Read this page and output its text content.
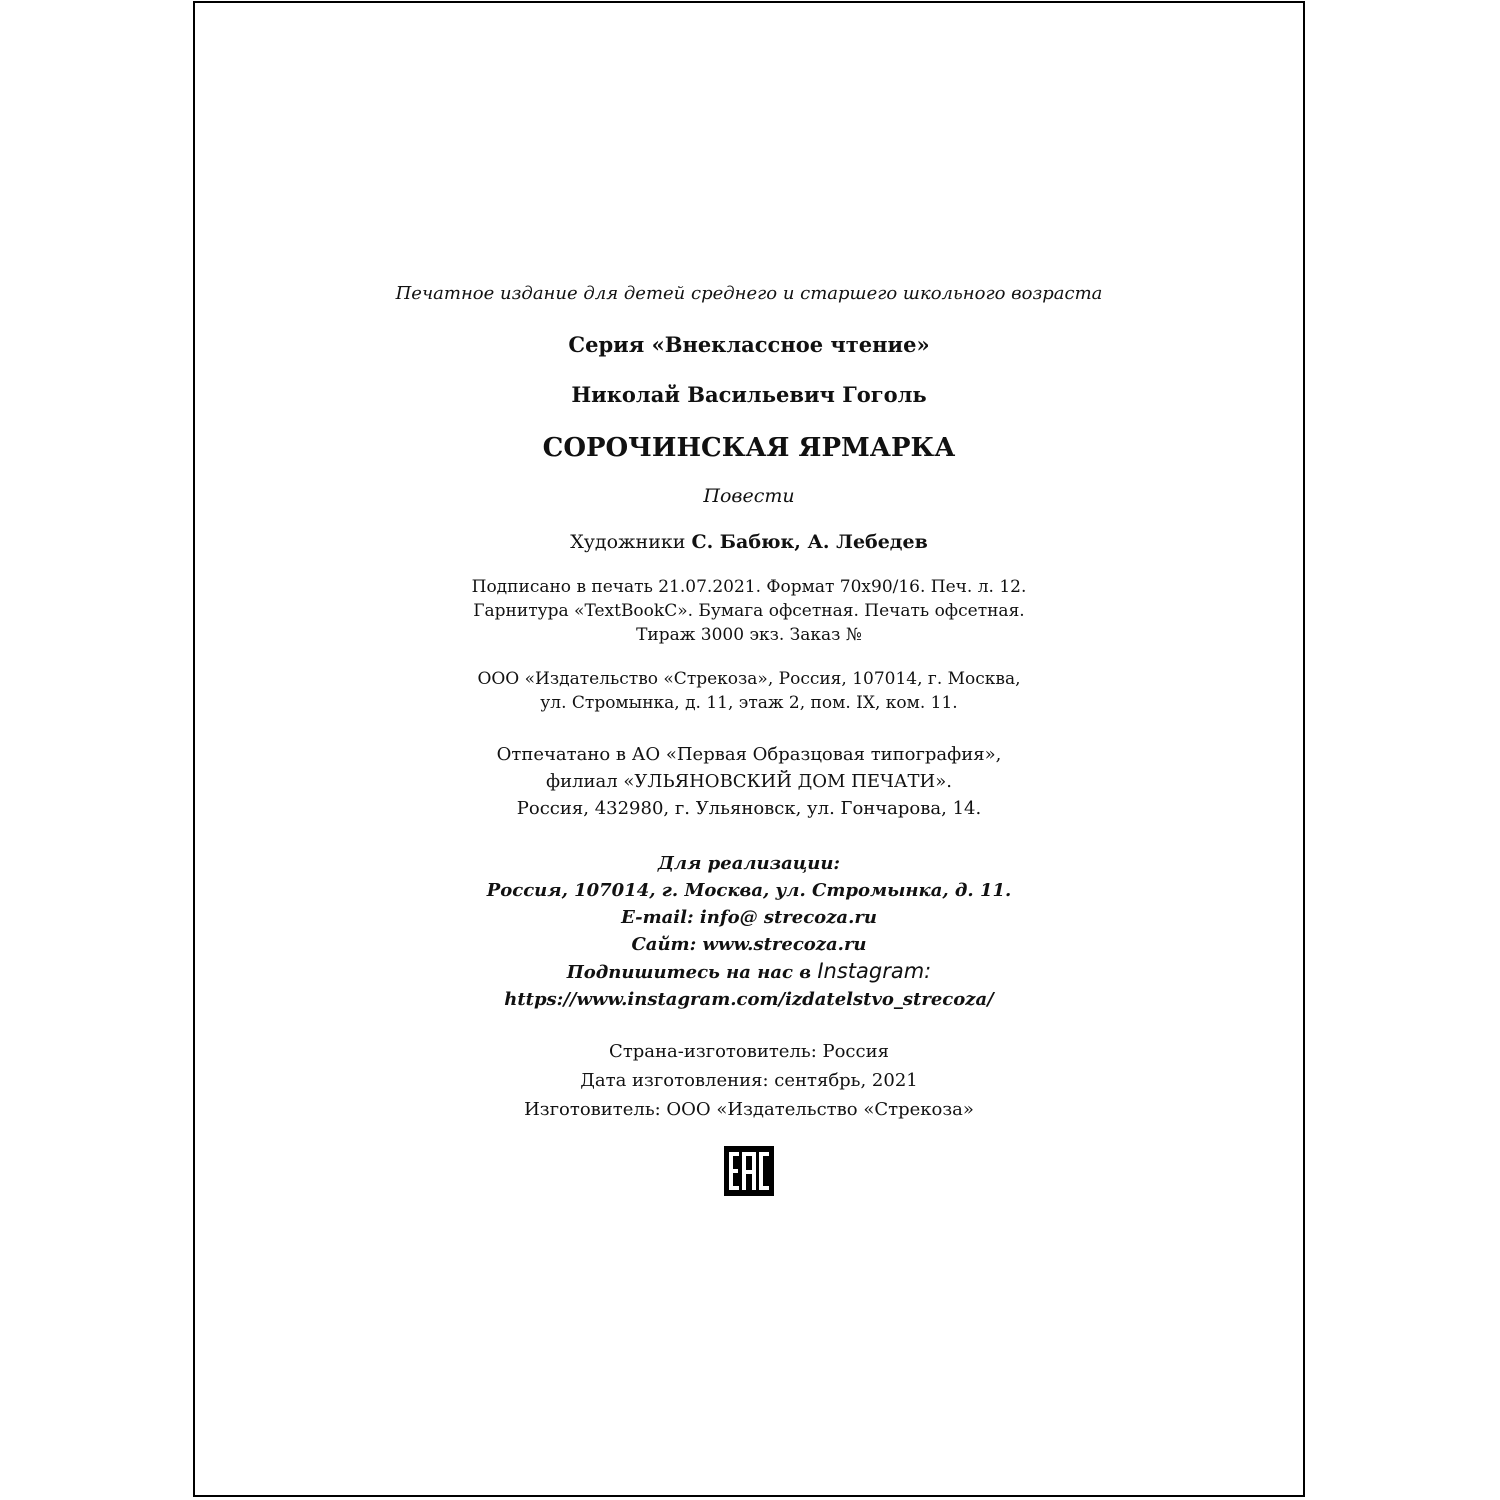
Печатное издание для детей среднего и старшего школьного возраста
Серия «Внеклассное чтение»
Николай Васильевич Гоголь
СОРОЧИНСКАЯ ЯРМАРКА
Повести
Художники С. Бабюк, А. Лебедев
Подписано в печать 21.07.2021. Формат 70х90/16. Печ. л. 12.
Гарнитура «TextBookC». Бумага офсетная. Печать офсетная.
Тираж 3000 экз. Заказ №
ООО «Издательство «Стрекоза», Россия, 107014, г. Москва,
ул. Стромынка, д. 11, этаж 2, пом. IX, ком. 11.
Отпечатано в АО «Первая Образцовая типография»,
филиал «УЛЬЯНОВСКИЙ ДОМ ПЕЧАТИ».
Россия, 432980, г. Ульяновск, ул. Гончарова, 14.
Для реализации:
Россия, 107014, г. Москва, ул. Стромынка, д. 11.
E-mail: info@ strecoza.ru
Сайт: www.strecoza.ru
Подпишитесь на нас в Instagram:
https://www.instagram.com/izdatelstvo_strecoza/
Страна-изготовитель: Россия
Дата изготовления: сентябрь, 2021
Изготовитель: ООО «Издательство «Стрекоза»
